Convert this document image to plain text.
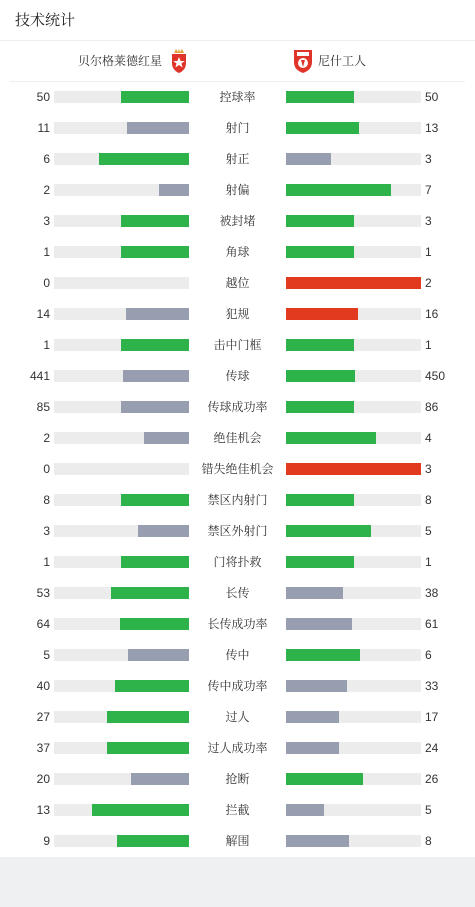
技术统计
贝尔格莱德红星	尼什工人
50	控球率	50
11	射门	13
6	射正	3
2	射偏	7
3	被封堵	3
1	角球	1
0	越位	2
14	犯规	16
1	击中门框	1
441	传球	450
85	传球成功率	86
2	绝佳机会	4
0	错失绝佳机会	3
8	禁区内射门	8
3	禁区外射门	5
1	门将扑救	1
53	长传	38
64	长传成功率	61
5	传中	6
40	传中成功率	33
27	过人	17
37	过人成功率	24
20	抢断	26
13	拦截	5
9	解围	8
